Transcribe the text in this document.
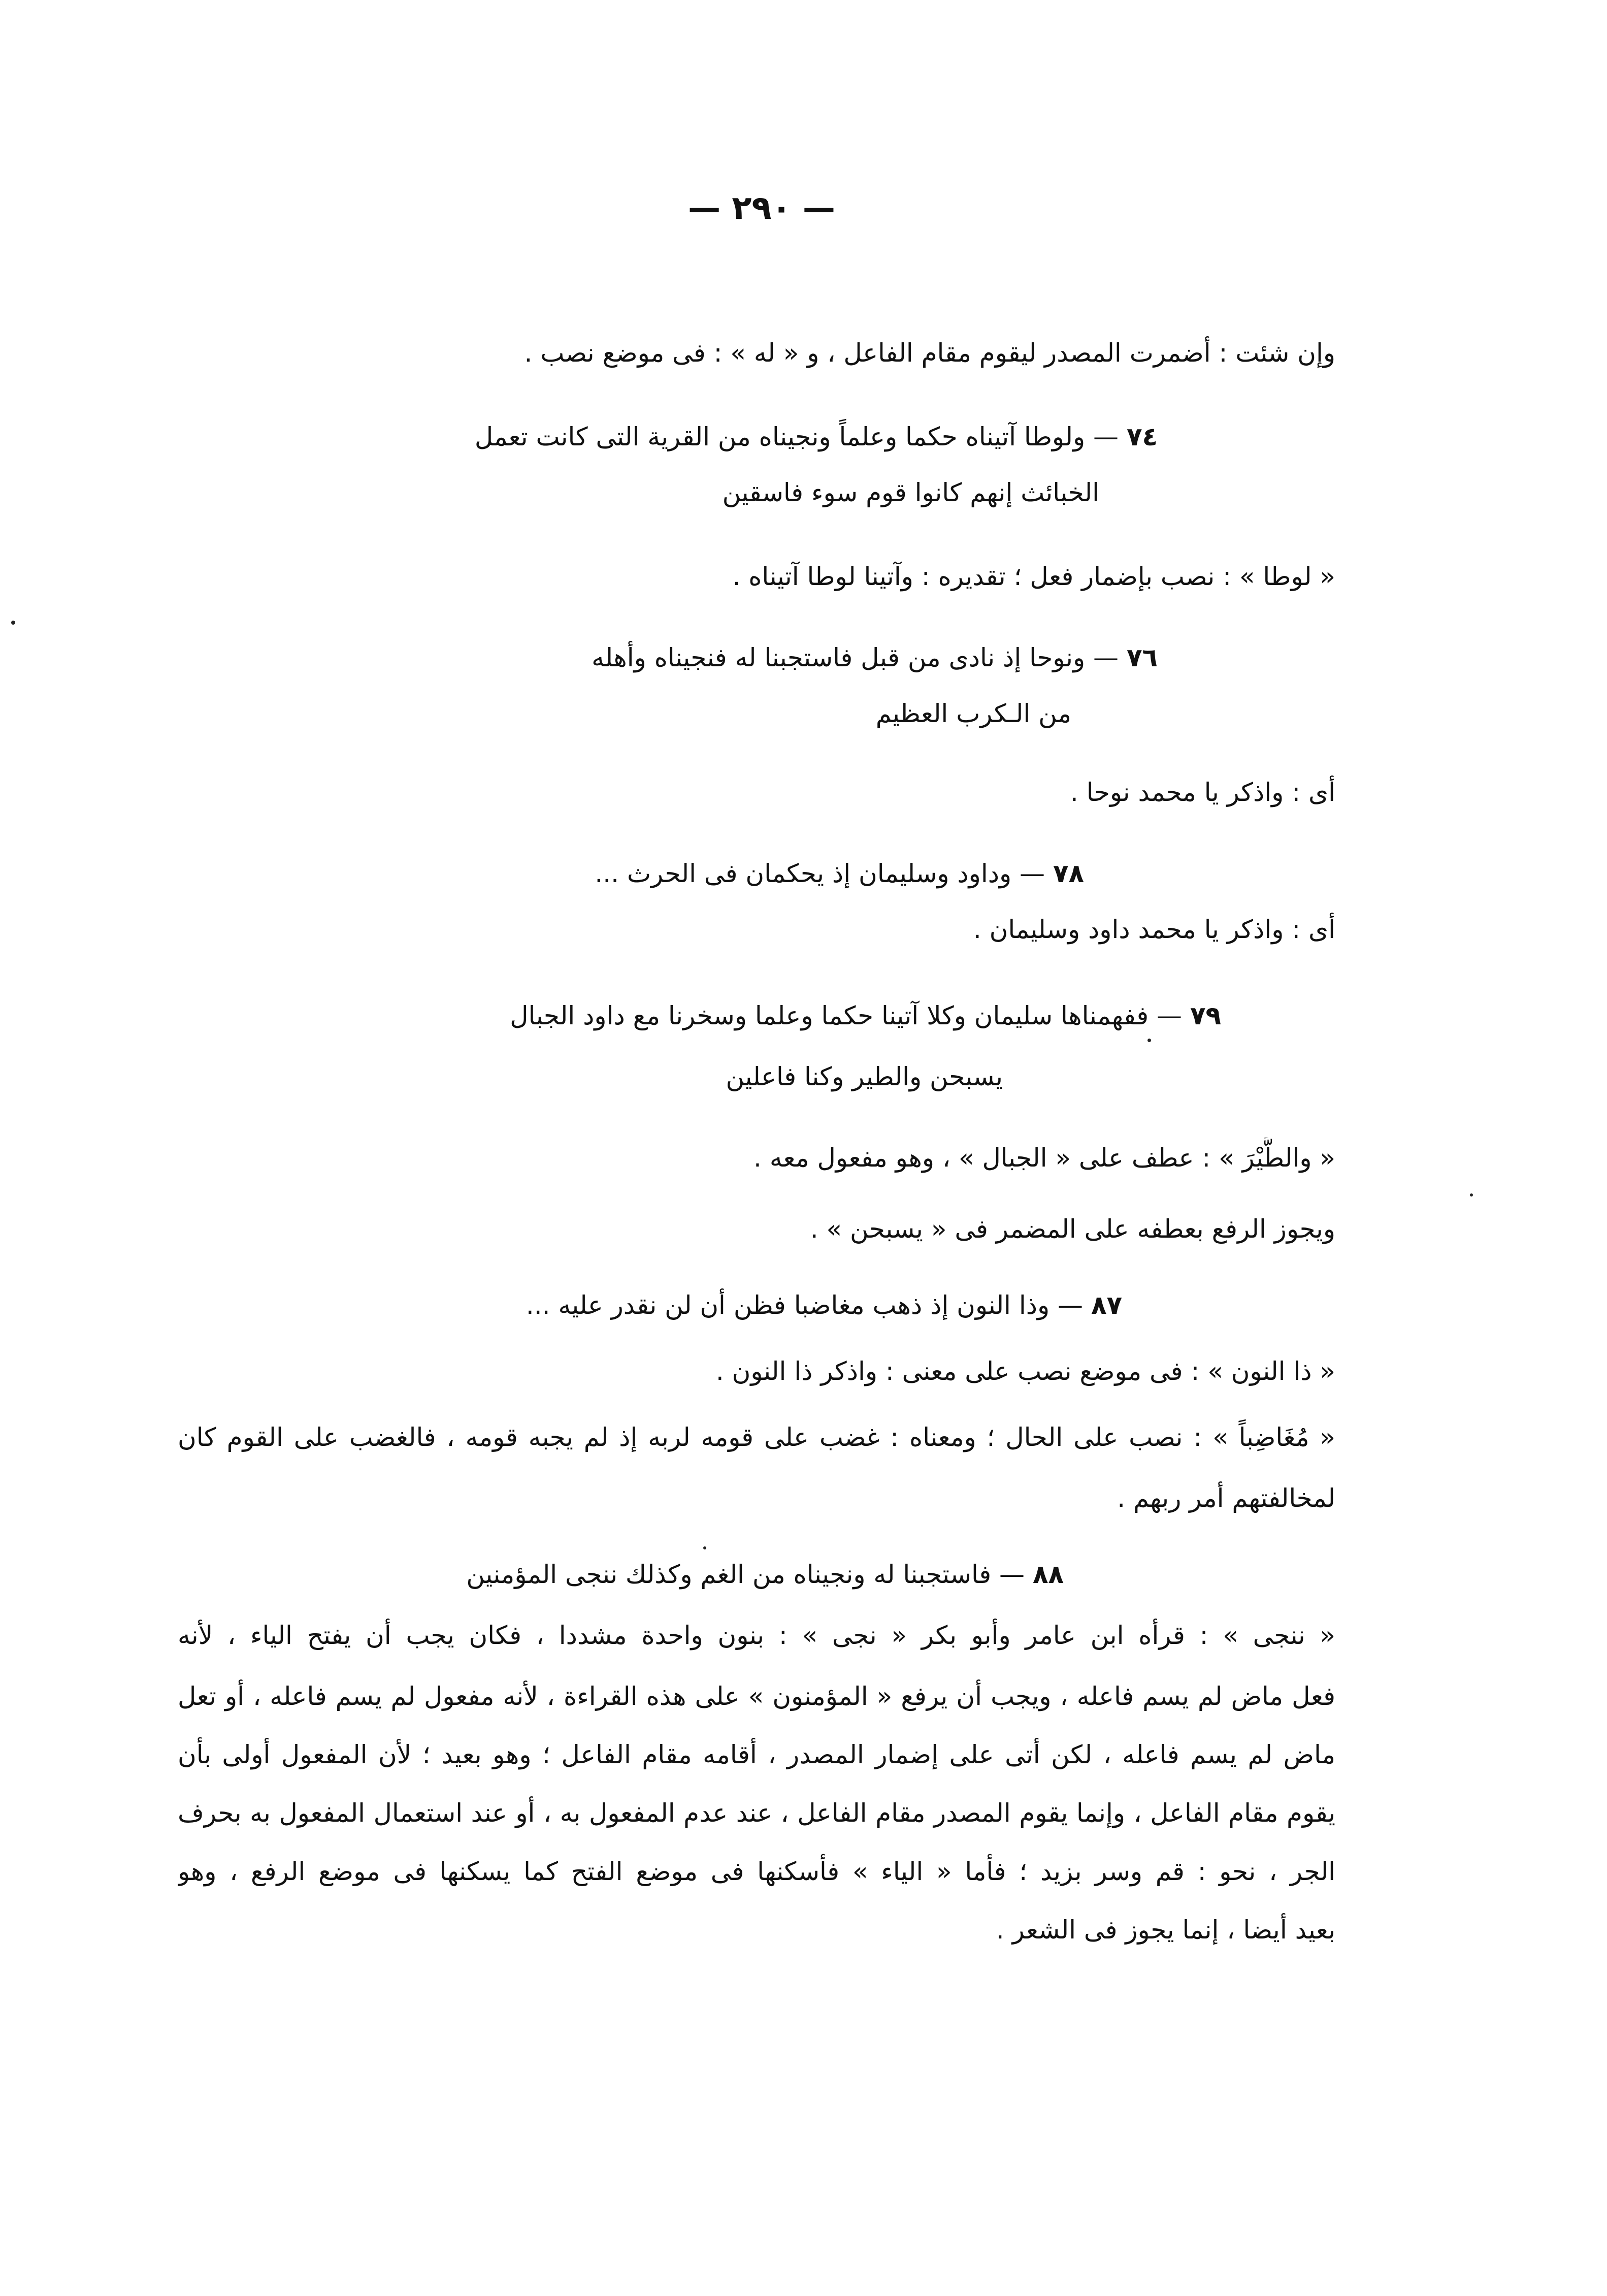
— ٢٩٠ —
وإن شئت : أضمرت المصدر ليقوم مقام الفاعل ، و « له » : فى موضع نصب .
٧٤ — ولوطا آتيناه حكما وعلماً ونجيناه من القرية التى كانت تعمل
الخبائث إنهم كانوا قوم سوء فاسقين
« لوطا » : نصب بإضمار فعل ؛ تقديره : وآتينا لوطا آتيناه .
٧٦ — ونوحا إذ نادى من قبل فاستجبنا له فنجيناه وأهله
من الـكرب العظيم
أى : واذكر يا محمد نوحا .
٧٨ — وداود وسليمان إذ يحكمان فى الحرث ...
أى : واذكر يا محمد داود وسليمان .
٧٩ — ففهمناها سليمان وكلا آتينا حكما وعلما وسخرنا مع داود الجبال
يسبحن والطير وكنا فاعلين
« والطَّيْرَ » : عطف على « الجبال » ، وهو مفعول معه .
ويجوز الرفع بعطفه على المضمر فى « يسبحن » .
٨٧ — وذا النون إذ ذهب مغاضبا فظن أن لن نقدر عليه ...
« ذا النون » : فى موضع نصب على معنى : واذكر ذا النون .
« مُغَاضِباً » : نصب على الحال ؛ ومعناه : غضب على قومه لربه إذ لم يجبه قومه ، فالغضب على القوم كان
لمخالفتهم أمر ربهم .
٨٨ — فاستجبنا له ونجيناه من الغم وكذلك ننجى المؤمنين
« ننجى » : قرأه ابن عامر وأبو بكر « نجى » : بنون واحدة مشددا ، فكان يجب أن يفتح الياء ، لأنه
فعل ماض لم يسم فاعله ، ويجب أن يرفع « المؤمنون » على هذه القراءة ، لأنه مفعول لم يسم فاعله ، أو تعل
ماض لم يسم فاعله ، لكن أتى على إضمار المصدر ، أقامه مقام الفاعل ؛ وهو بعيد ؛ لأن المفعول أولى بأن
يقوم مقام الفاعل ، وإنما يقوم المصدر مقام الفاعل ، عند عدم المفعول به ، أو عند استعمال المفعول به بحرف
الجر ، نحو : قم وسر بزيد ؛ فأما « الياء » فأسكنها فى موضع الفتح كما يسكنها فى موضع الرفع ، وهو
بعيد أيضا ، إنما يجوز فى الشعر .
